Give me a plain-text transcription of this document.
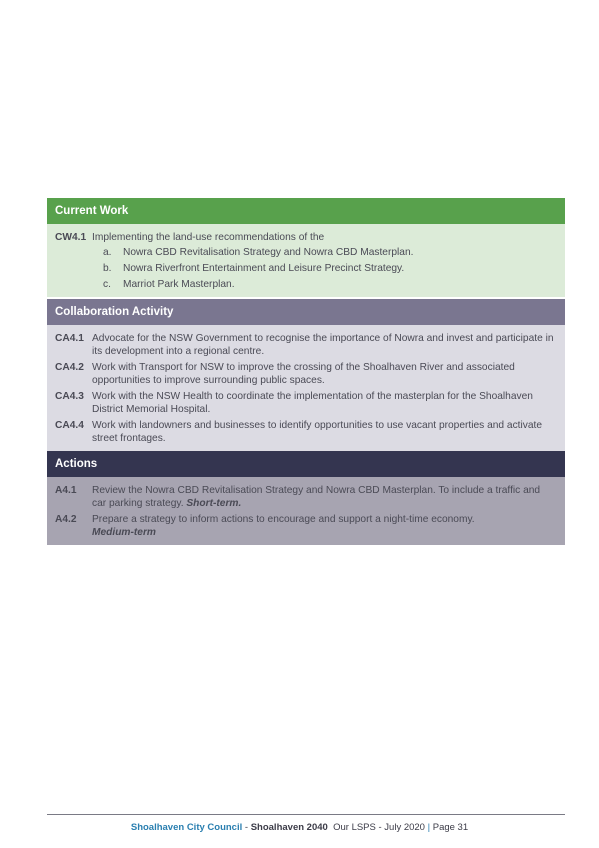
Current Work
CW4.1 Implementing the land-use recommendations of the
a.	Nowra CBD Revitalisation Strategy and Nowra CBD Masterplan.
b.	Nowra Riverfront Entertainment and Leisure Precinct Strategy.
c.	Marriot Park Masterplan.
Collaboration Activity
CA4.1 Advocate for the NSW Government to recognise the importance of Nowra and invest and participate in its development into a regional centre.
CA4.2 Work with Transport for NSW to improve the crossing of the Shoalhaven River and associated opportunities to improve surrounding public spaces.
CA4.3 Work with the NSW Health to coordinate the implementation of the masterplan for the Shoalhaven District Memorial Hospital.
CA4.4 Work with landowners and businesses to identify opportunities to use vacant properties and activate street frontages.
Actions
A4.1	Review the Nowra CBD Revitalisation Strategy and Nowra CBD Masterplan. To include a traffic and car parking strategy. Short-term.
A4.2	Prepare a strategy to inform actions to encourage and support a night-time economy.
Medium-term
Shoalhaven City Council - Shoalhaven 2040  Our LSPS - July 2020 | Page 31
